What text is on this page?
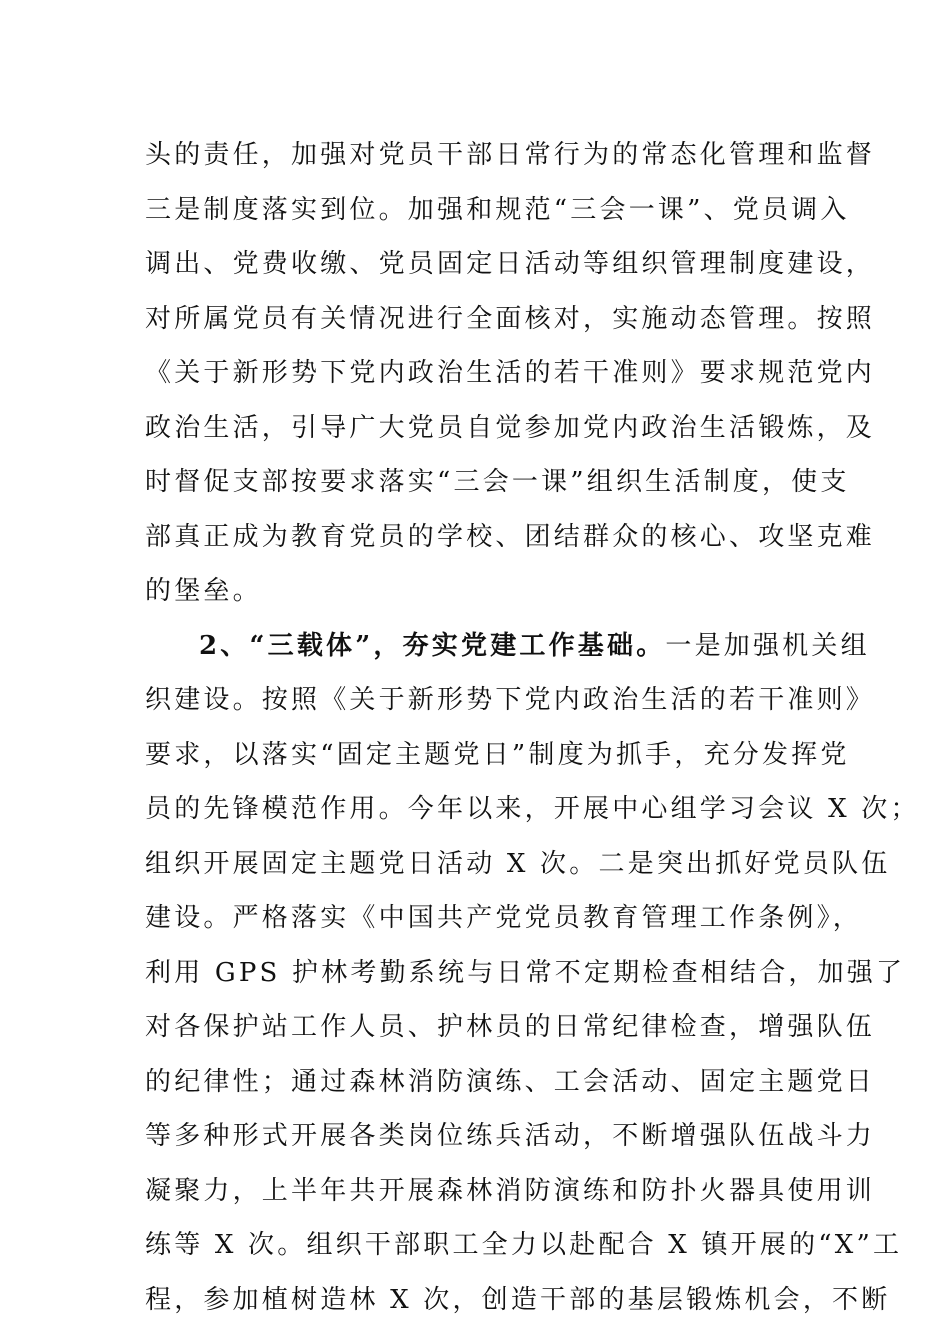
头的责任，加强对党员干部日常行为的常态化管理和监督
三是制度落实到位。加强和规范“三会一课”、党员调入
调出、党费收缴、党员固定日活动等组织管理制度建设，
对所属党员有关情况进行全面核对，实施动态管理。按照
《关于新形势下党内政治生活的若干准则》要求规范党内
政治生活，引导广大党员自觉参加党内政治生活锻炼，及
时督促支部按要求落实“三会一课”组织生活制度，使支
部真正成为教育党员的学校、团结群众的核心、攻坚克难
的堡垒。
2、“三载体”，夯实党建工作基础。一是加强机关组
织建设。按照《关于新形势下党内政治生活的若干准则》
要求，以落实“固定主题党日”制度为抓手，充分发挥党
员的先锋模范作用。今年以来，开展中心组学习会议 X 次；
组织开展固定主题党日活动 X 次。二是突出抓好党员队伍
建设。严格落实《中国共产党党员教育管理工作条例》，
利用 GPS 护林考勤系统与日常不定期检查相结合，加强了
对各保护站工作人员、护林员的日常纪律检查，增强队伍
的纪律性；通过森林消防演练、工会活动、固定主题党日
等多种形式开展各类岗位练兵活动，不断增强队伍战斗力
凝聚力，上半年共开展森林消防演练和防扑火器具使用训
练等 X 次。组织干部职工全力以赴配合 X 镇开展的“X”工
程，参加植树造林 X 次，创造干部的基层锻炼机会，不断
